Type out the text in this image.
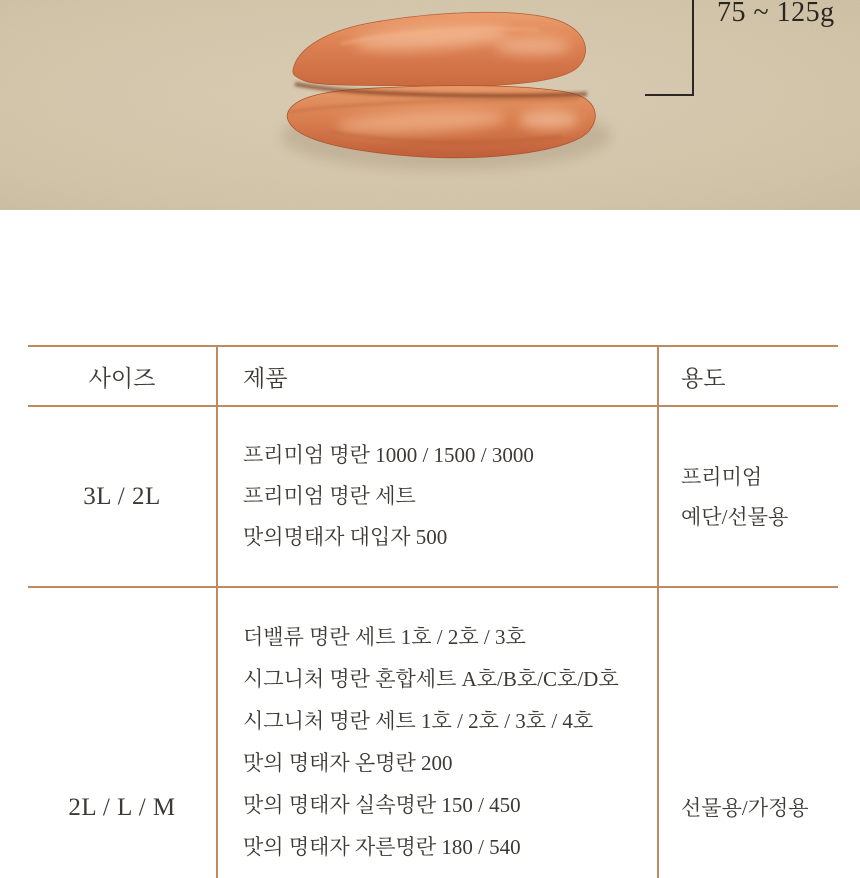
75 ~ 125g
사이즈	제품	용도
3L / 2L
프리미엄 명란 1000 / 1500 / 3000
프리미엄 명란 세트
맛의명태자 대입자 500
프리미엄
예단/선물용
2L / L / M
더밸류 명란 세트 1호 / 2호 / 3호
시그니처 명란 혼합세트 A호/B호/C호/D호
시그니처 명란 세트 1호 / 2호 / 3호 / 4호
맛의 명태자 온명란 200
맛의 명태자 실속명란 150 / 450
맛의 명태자 자른명란 180 / 540
선물용/가정용
